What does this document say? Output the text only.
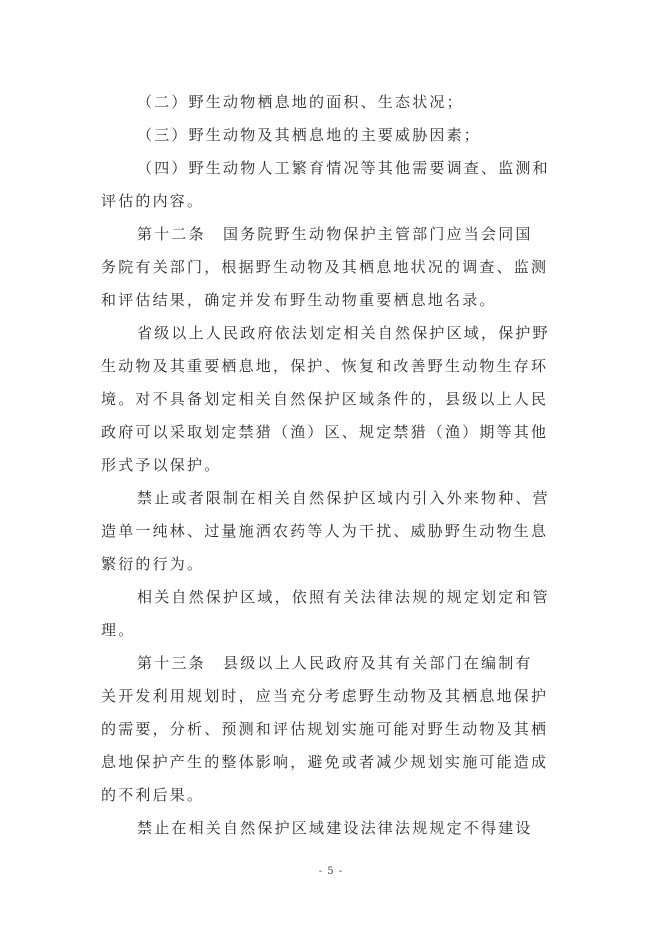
（二）野生动物栖息地的面积、生态状况；
（三）野生动物及其栖息地的主要威胁因素；
（四）野生动物人工繁育情况等其他需要调查、监测和
评估的内容。
第十二条　国务院野生动物保护主管部门应当会同国
务院有关部门，根据野生动物及其栖息地状况的调查、监测
和评估结果，确定并发布野生动物重要栖息地名录。
省级以上人民政府依法划定相关自然保护区域，保护野
生动物及其重要栖息地，保护、恢复和改善野生动物生存环
境。对不具备划定相关自然保护区域条件的，县级以上人民
政府可以采取划定禁猎（渔）区、规定禁猎（渔）期等其他
形式予以保护。
禁止或者限制在相关自然保护区域内引入外来物种、营
造单一纯林、过量施洒农药等人为干扰、威胁野生动物生息
繁衍的行为。
相关自然保护区域，依照有关法律法规的规定划定和管
理。
第十三条　县级以上人民政府及其有关部门在编制有
关开发利用规划时，应当充分考虑野生动物及其栖息地保护
的需要，分析、预测和评估规划实施可能对野生动物及其栖
息地保护产生的整体影响，避免或者减少规划实施可能造成
的不利后果。
禁止在相关自然保护区域建设法律法规规定不得建设
- 5 -
